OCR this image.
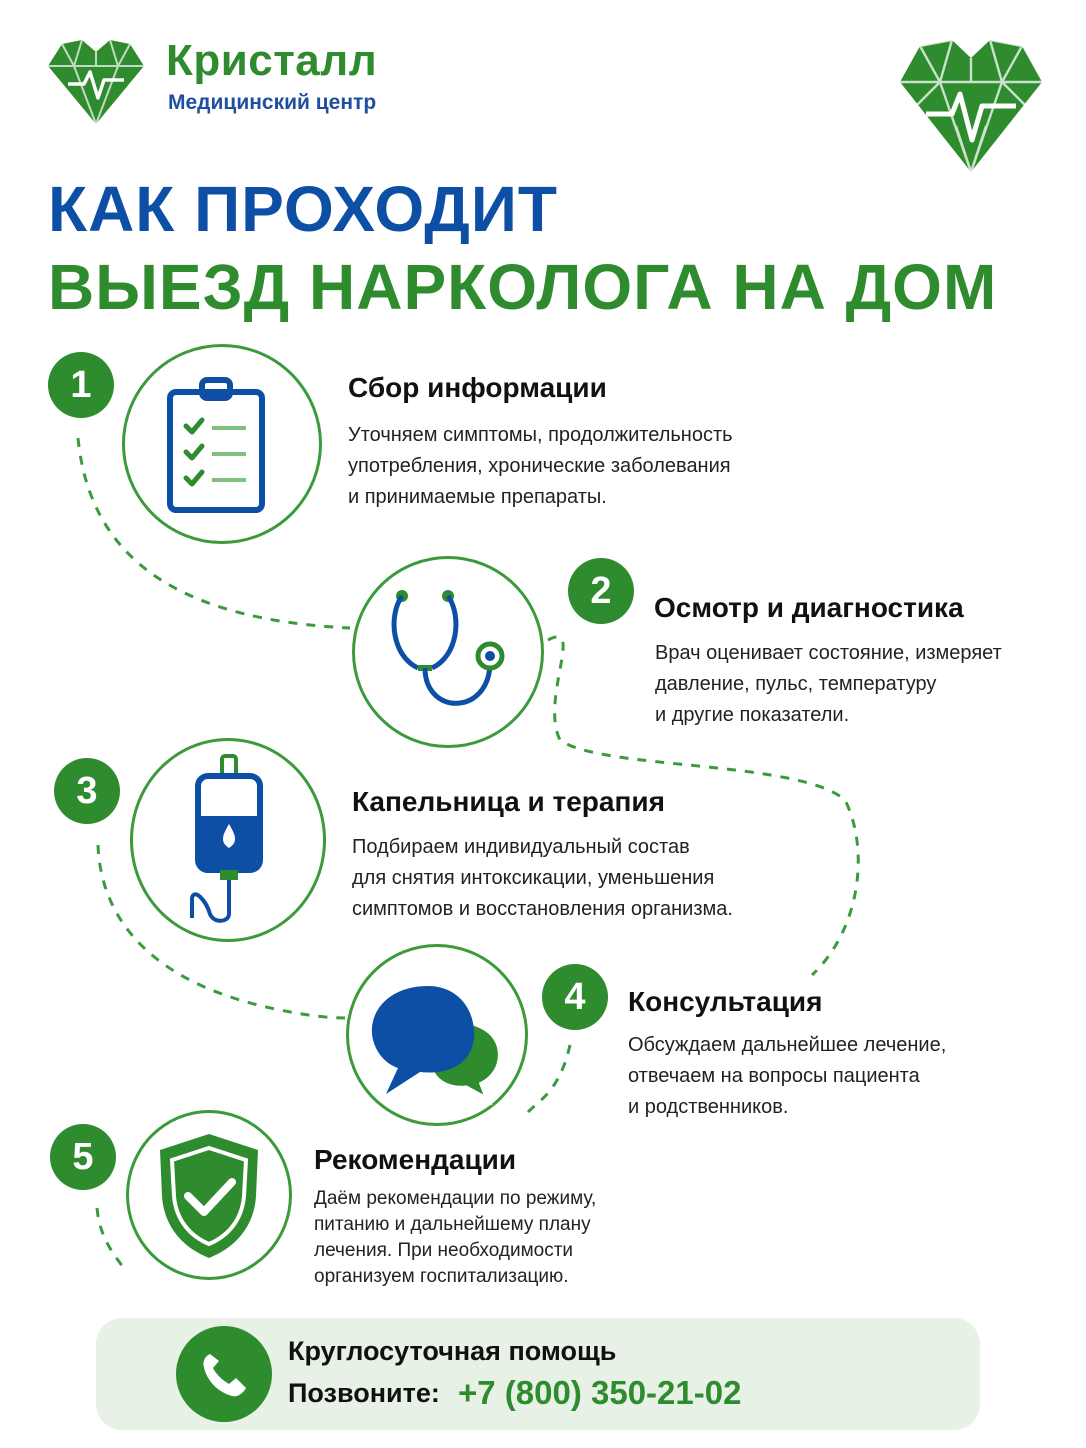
Кристалл
Медицинский центр
КАК ПРОХОДИТ
ВЫЕЗД НАРКОЛОГА НА ДОМ
1	Сбор информации
Уточняем симптомы, продолжительность
употребления, хронические заболевания
и принимаемые препараты.
2	Осмотр и диагностика
Врач оценивает состояние, измеряет
давление, пульс, температуру
и другие показатели.
3	Капельница и терапия
Подбираем индивидуальный состав
для снятия интоксикации, уменьшения
симптомов и восстановления организма.
4	Консультация
Обсуждаем дальнейшее лечение,
отвечаем на вопросы пациента
и родственников.
5	Рекомендации
Даём рекомендации по режиму,
питанию и дальнейшему плану
лечения. При необходимости
организуем госпитализацию.
Круглосуточная помощь
Позвоните: +7 (800) 350-21-02
